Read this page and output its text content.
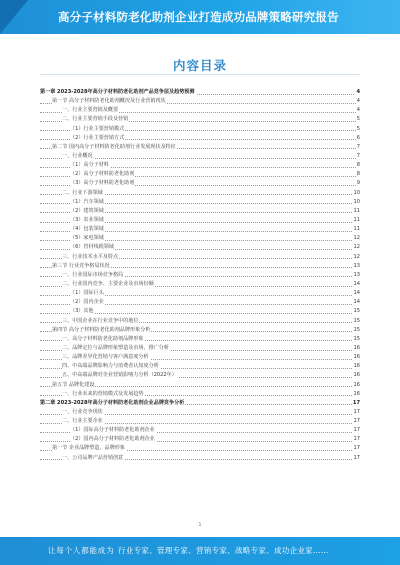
高分子材料防老化助剂企业打造成功品牌策略研究报告
内容目录
第一章 2023-2028年高分子材料防老化助剂产品竞争层及趋势预测	4
第一节 高分子材料防老化助剂概况及行业营销现状	4
一、行业主要营销及概要	4
二、行业主要营销手段及营销	5
（1）行业主要营销模式	5
（2）行业主要营销方式	6
第二节 国内高分子材料防老化助剂行业发展现状及特征	7
一、行业概况	7
（1）高分子材料	8
（2）高分子材料防老化助剂	8
（3）高分子材料防老化助剂	9
二、行业下游领域	10
（1）汽车领域	10
（2）建筑领域	11
（3）农业领域	11
（4）包装领域	11
（5）家电领域	12
（6）管材线缆领域	12
三、行业技术水平及特点	12
第三节 行业竞争格局状况	13
一、行业国际市场竞争格局	13
二、行业国内竞争、主要企业及市场份额	14
（1）国际巨头	14
（2）国内企业	14
（3）其他	15
三、中国企业在行业竞争中的地位	15
第四节 高分子材料防老化助剂品牌形象分析	15
一、高分子材料防老化助剂品牌形象	15
二、品牌定位与品牌形象塑造及市场、推广分析	16
三、品牌差异化营销与客户满意度分析	16
四、中高端品牌影响力与消费者认知度分析	16
五、中高端品牌对企业营销影响力分析（2022年）	16
第五节 品牌化建设	16
一、行业未来的营销模式及发展趋势	16
第二章 2023-2028年高分子材料防老化助剂企业品牌竞争分析	17
一、行业竞争现状	17
二、行业主要企业	17
（1）国际高分子材料防老化助剂企业	17
（2）国内高分子材料防老化助剂企业	17
第一节 企业品牌塑造、品牌形象	17
一、公司品牌产品营销创意	17
1
让每个人都能成为 行业专家、管理专家、营销专家、战略专家、成功企业家……
